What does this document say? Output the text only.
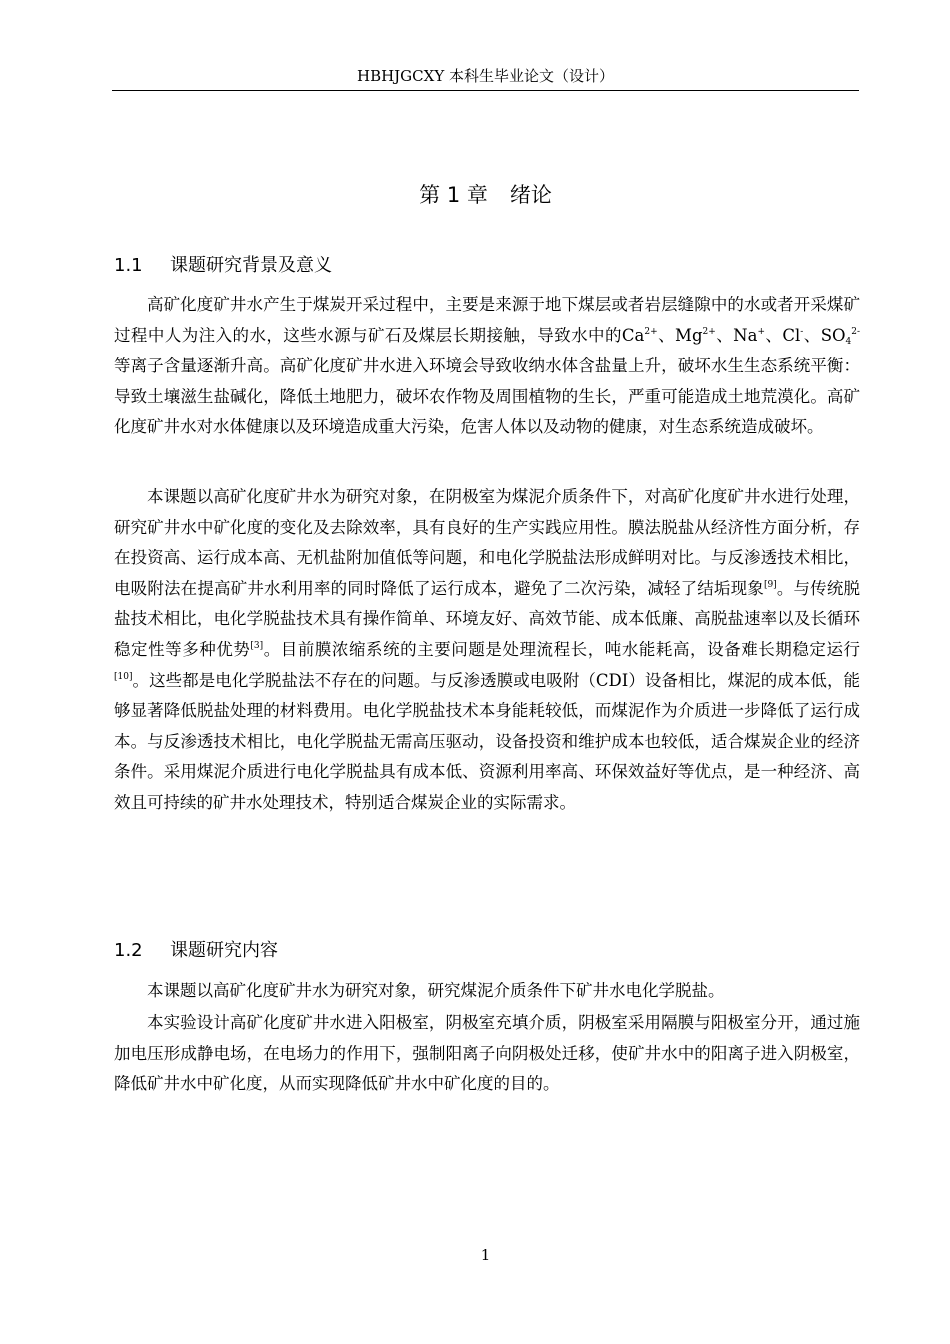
HBHJGCXY 本科生毕业论文（设计）
第 1 章 绪论
1.1 课题研究背景及意义

高矿化度矿井水产生于煤炭开采过程中，主要是来源于地下煤层或者岩层缝隙中的水或者开采煤矿过程中人为注入的水，这些水源与矿石及煤层长期接触，导致水中的$Ca^{2+}$、$Mg^{2+}$、Na+、Cl-、$SO_4^{2-}$等离子含量逐渐升高。高矿化度矿井水进入环境会导致收纳水体含盐量上升，破坏水生生态系统平衡：导致土壤滋生盐碱化，降低土地肥力，破坏农作物及周围植物的生长，严重可能造成土地荒漠化。高矿化度矿井水对水体健康以及环境造成重大污染，危害人体以及动物的健康，对生态系统造成破坏。

本课题以高矿化度矿井水为研究对象，在阴极室为煤泥介质条件下，对高矿化度矿井水进行处理，研究矿井水中矿化度的变化及去除效率，具有良好的生产实践应用性。膜法脱盐从经济性方面分析，存在投资高、运行成本高、无机盐附加值低等问题，和电化学脱盐法形成鲜明对比。与反渗透技术相比，电吸附法在提高矿井水利用率的同时降低了运行成本，避免了二次污染，减轻了结垢现象[9]。与传统脱盐技术相比，电化学脱盐技术具有操作简单、环境友好、高效节能、成本低廉、高脱盐速率以及长循环稳定性等多种优势[3]。目前膜浓缩系统的主要问题是处理流程长，吨水能耗高，设备难长期稳定运行[10]。这些都是电化学脱盐法不存在的问题。与反渗透膜或电吸附（CDI）设备相比，煤泥的成本低，能够显著降低脱盐处理的材料费用。电化学脱盐技术本身能耗较低，而煤泥作为介质进一步降低了运行成本。与反渗透技术相比，电化学脱盐无需高压驱动，设备投资和维护成本也较低，适合煤炭企业的经济条件。采用煤泥介质进行电化学脱盐具有成本低、资源利用率高、环保效益好等优点，是一种经济、高效且可持续的矿井水处理技术，特别适合煤炭企业的实际需求。

1.2 课题研究内容

本课题以高矿化度矿井水为研究对象，研究煤泥介质条件下矿井水电化学脱盐。

本实验设计高矿化度矿井水进入阳极室，阴极室充填介质，阴极室采用隔膜与阳极室分开，通过施加电压形成静电场，在电场力的作用下，强制阳离子向阴极处迁移，使矿井水中的阳离子进入阴极室，降低矿井水中矿化度，从而实现降低矿井水中矿化度的目的。

1
